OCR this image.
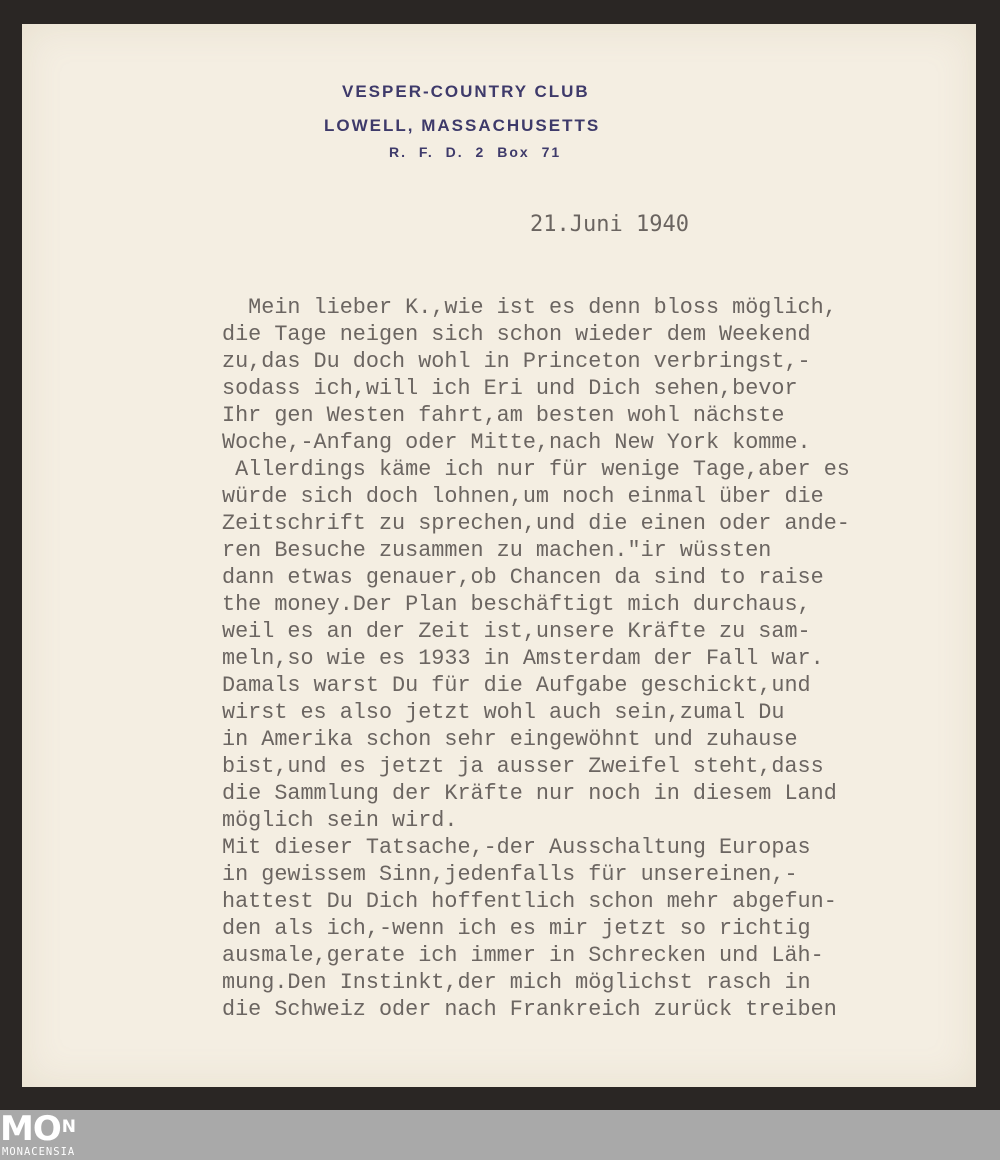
VESPER-COUNTRY CLUB
LOWELL, MASSACHUSETTS
R. F. D. 2 Box 71
21.Juni 1940
Mein lieber K.,wie ist es denn bloss möglich,
die Tage neigen sich schon wieder dem Weekend
zu,das Du doch wohl in Princeton verbringst,-
sodass ich,will ich Eri und Dich sehen,bevor
Ihr gen Westen fahrt,am besten wohl nächste
Woche,-Anfang oder Mitte,nach New York komme.
Allerdings käme ich nur für wenige Tage,aber es
würde sich doch lohnen,um noch einmal über die
Zeitschrift zu sprechen,und die einen oder ande-
ren Besuche zusammen zu machen."ir wüssten
dann etwas genauer,ob Chancen da sind to raise
the money.Der Plan beschäftigt mich durchaus,
weil es an der Zeit ist,unsere Kräfte zu sam-
meln,so wie es 1933 in Amsterdam der Fall war.
Damals warst Du für die Aufgabe geschickt,und
wirst es also jetzt wohl auch sein,zumal Du
in Amerika schon sehr eingewöhnt und zuhause
bist,und es jetzt ja ausser Zweifel steht,dass
die Sammlung der Kräfte nur noch in diesem Land
möglich sein wird.
Mit dieser Tatsache,-der Ausschaltung Europas
in gewissem Sinn,jedenfalls für unsereinen,-
hattest Du Dich hoffentlich schon mehr abgefun-
den als ich,-wenn ich es mir jetzt so richtig
ausmale,gerate ich immer in Schrecken und Läh-
mung.Den Instinkt,der mich möglichst rasch in
die Schweiz oder nach Frankreich zurück treiben
$MO^N$
MONACENSIA
